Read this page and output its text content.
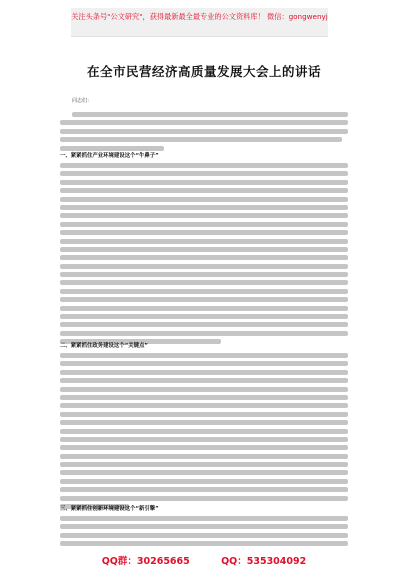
关注头条号"公文研究"，获得最新最全最专业的公文资料库！ 微信：gongwenyj
在全市民营经济高质量发展大会上的讲话
同志们：
一、紧紧抓住产业环境建设这个“牛鼻子”
二、紧紧抓住政务建设这个“关键点”
三、紧紧抓住创新环境建设这个“新引擎”
QQ群：30265665	QQ：535304092
